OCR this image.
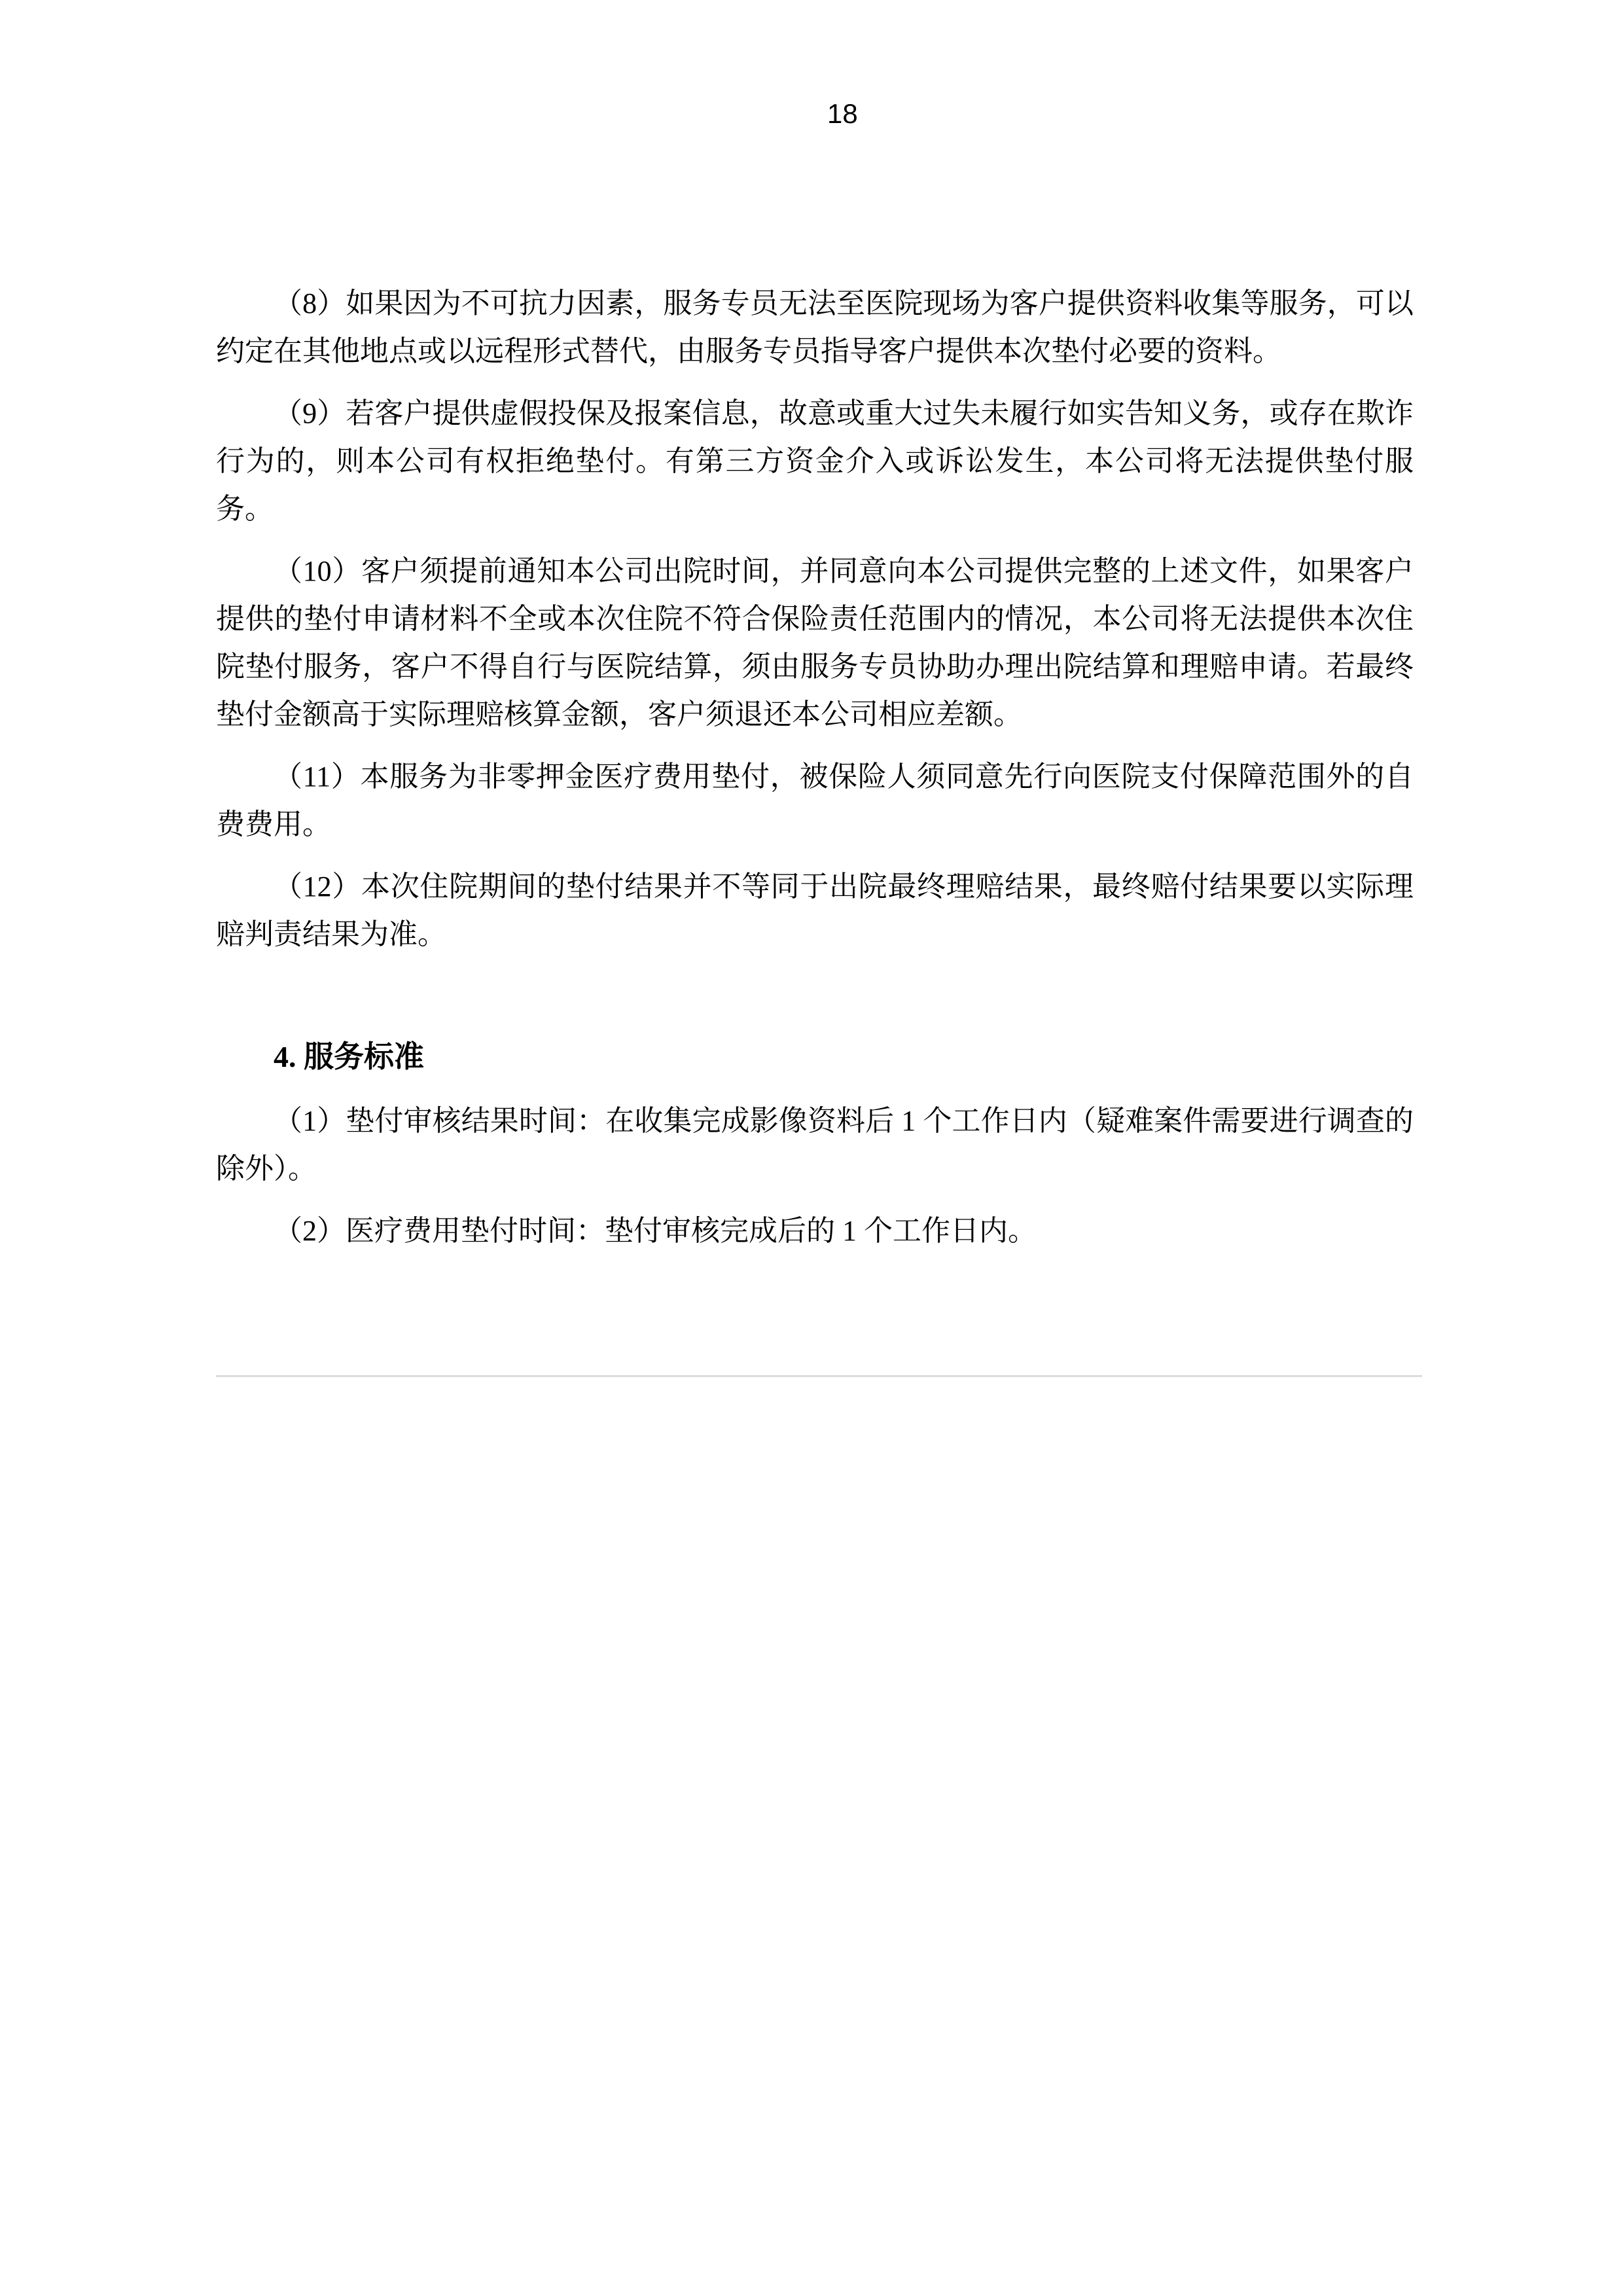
18

（8）如果因为不可抗力因素，服务专员无法至医院现场为客户提供资料收集等服务，可以约定在其他地点或以远程形式替代，由服务专员指导客户提供本次垫付必要的资料。

（9）若客户提供虚假投保及报案信息，故意或重大过失未履行如实告知义务，或存在欺诈行为的，则本公司有权拒绝垫付。有第三方资金介入或诉讼发生，本公司将无法提供垫付服务。

（10）客户须提前通知本公司出院时间，并同意向本公司提供完整的上述文件，如果客户提供的垫付申请材料不全或本次住院不符合保险责任范围内的情况，本公司将无法提供本次住院垫付服务，客户不得自行与医院结算，须由服务专员协助办理出院结算和理赔申请。若最终垫付金额高于实际理赔核算金额，客户须退还本公司相应差额。

（11）本服务为非零押金医疗费用垫付，被保险人须同意先行向医院支付保障范围外的自费费用。

（12）本次住院期间的垫付结果并不等同于出院最终理赔结果，最终赔付结果要以实际理赔判责结果为准。

4. 服务标准

（1）垫付审核结果时间：在收集完成影像资料后 1 个工作日内（疑难案件需要进行调查的除外）。

（2）医疗费用垫付时间：垫付审核完成后的 1 个工作日内。
